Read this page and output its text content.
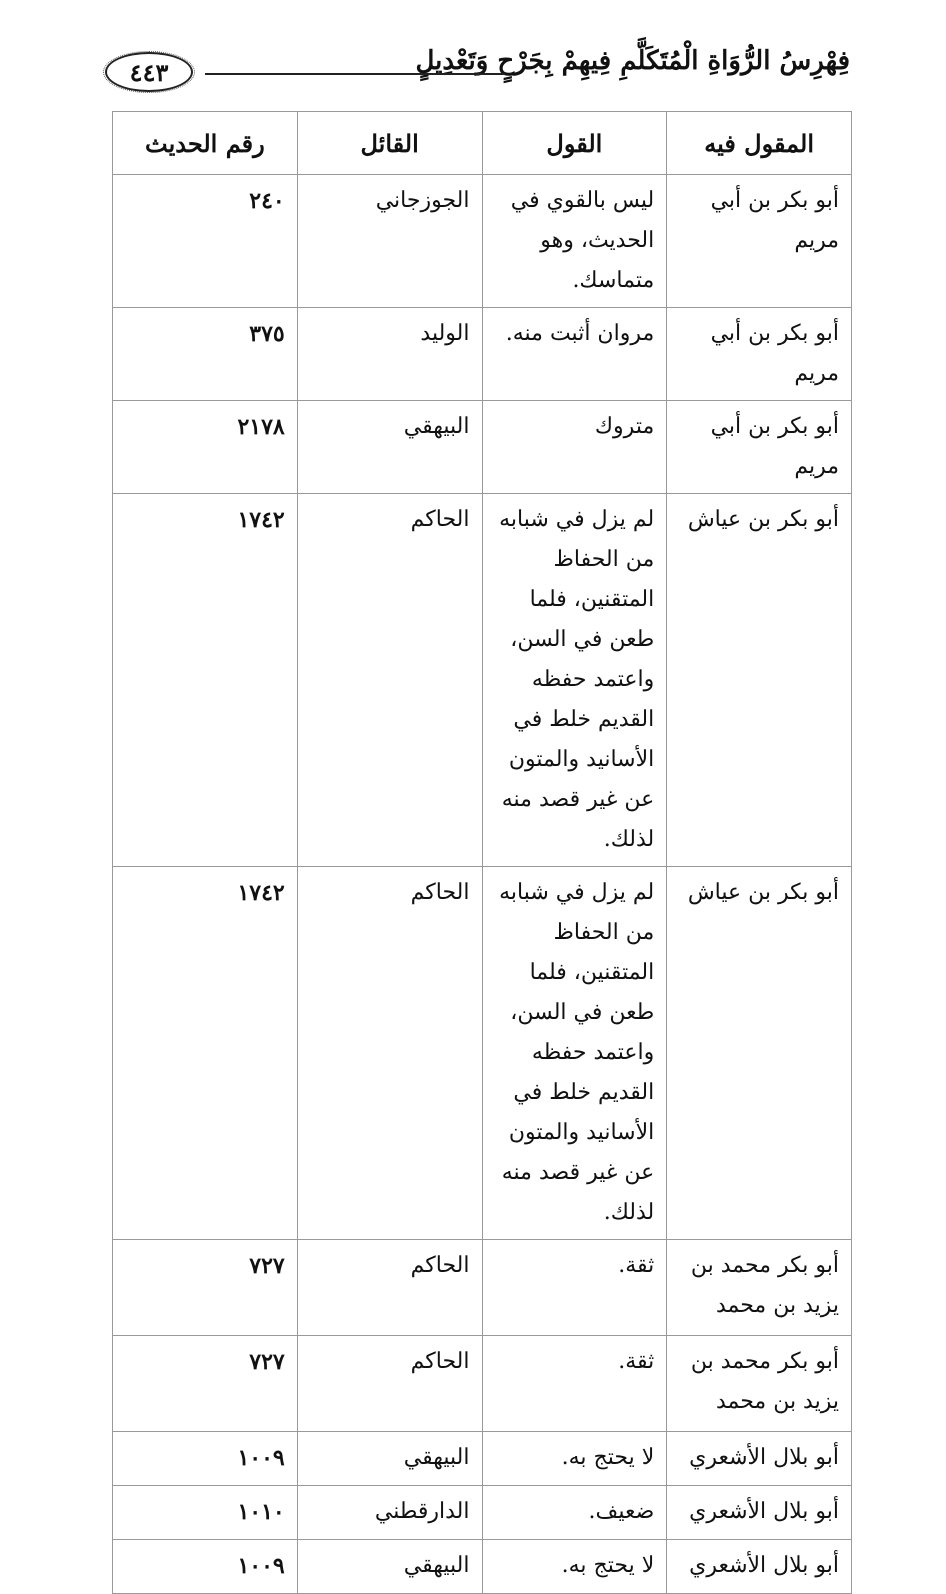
فِهْرِسُ الرُّوَاةِ الْمُتَكَلَّمِ فِيهِمْ بِجَرْحٍ وَتَعْدِيلٍ
٤٤٣
المقول فيه	القول	القائل	رقم الحديث
أبو بكر بن أبي مريم	ليس بالقوي في الحديث، وهو متماسك.	الجوزجاني	٢٤٠
أبو بكر بن أبي مريم	مروان أثبت منه.	الوليد	٣٧٥
أبو بكر بن أبي مريم	متروك	البيهقي	٢١٧٨
أبو بكر بن عياش	لم يزل في شبابه من الحفاظ المتقنين، فلما طعن في السن، واعتمد حفظه القديم خلط في الأسانيد والمتون عن غير قصد منه لذلك.	الحاكم	١٧٤٢
أبو بكر بن عياش	لم يزل في شبابه من الحفاظ المتقنين، فلما طعن في السن، واعتمد حفظه القديم خلط في الأسانيد والمتون عن غير قصد منه لذلك.	الحاكم	١٧٤٢
أبو بكر محمد بن يزيد بن محمد	ثقة.	الحاكم	٧٢٧
أبو بكر محمد بن يزيد بن محمد	ثقة.	الحاكم	٧٢٧
أبو بلال الأشعري	لا يحتج به.	البيهقي	١٠٠٩
أبو بلال الأشعري	ضعيف.	الدارقطني	١٠١٠
أبو بلال الأشعري	لا يحتج به.	البيهقي	١٠٠٩
